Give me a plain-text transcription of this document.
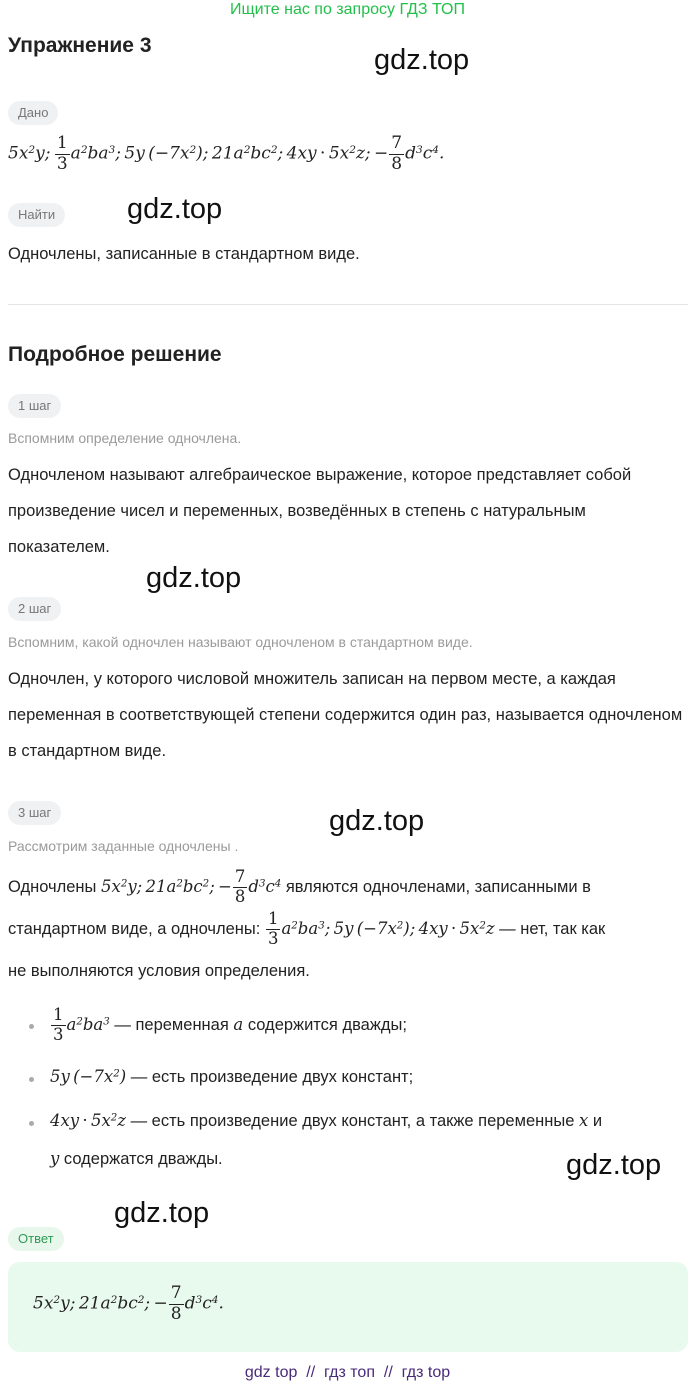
Ищите нас по запросу ГДЗ ТОП
Упражнение 3	gdz.top
gdz.top
gdz.top
gdz.top
gdz.top
gdz.top
Дано
$5x^2y$;  $\frac{1}{3} a^2ba^3$; 5y $(-7x^2)$; $21a^2bc^2$; $4xy \cdot 5x^2z$; − $\frac{7}{8} d^3c^4$.
Найти
Одночлены, записанные в стандартном виде.
Подробное решение
1 шаг
Вспомним определение одночлена.
Одночленом называют алгебраическое выражение, которое представляет собой произведение чисел и переменных, возведённых в степень с натуральным показателем.
2 шаг
Вспомним, какой одночлен называют одночленом в стандартном виде.
Одночлен, у которого числовой множитель записан на первом месте, а каждая переменная в соответствующей степени содержится один раз, называется одночленом в стандартном виде.
3 шаг
Рассмотрим заданные одночлены .
Одночлены $5x^2y$; $21a^2bc^2$; − $\frac{7}{8} d^3c^4$ являются одночленами, записанными в
стандартном виде, а одночлены: $\frac{1}{3} a^2ba^3$; 5y $(-7x^2)$; $4xy \cdot 5x^2z$ — нет, так как
не выполняются условия определения.
$\frac{1}{3} a^2ba^3$ — переменная a содержится дважды;
5y $(-7x^2)$ — есть произведение двух констант;
$4xy \cdot 5x^2z$ — есть произведение двух констант, а также переменные x и
y содержатся дважды.
Ответ
$5x^2y$; $21a^2bc^2$; − $\frac{7}{8} d^3c^4$.
gdz top  //  гдз топ  //  гдз top
